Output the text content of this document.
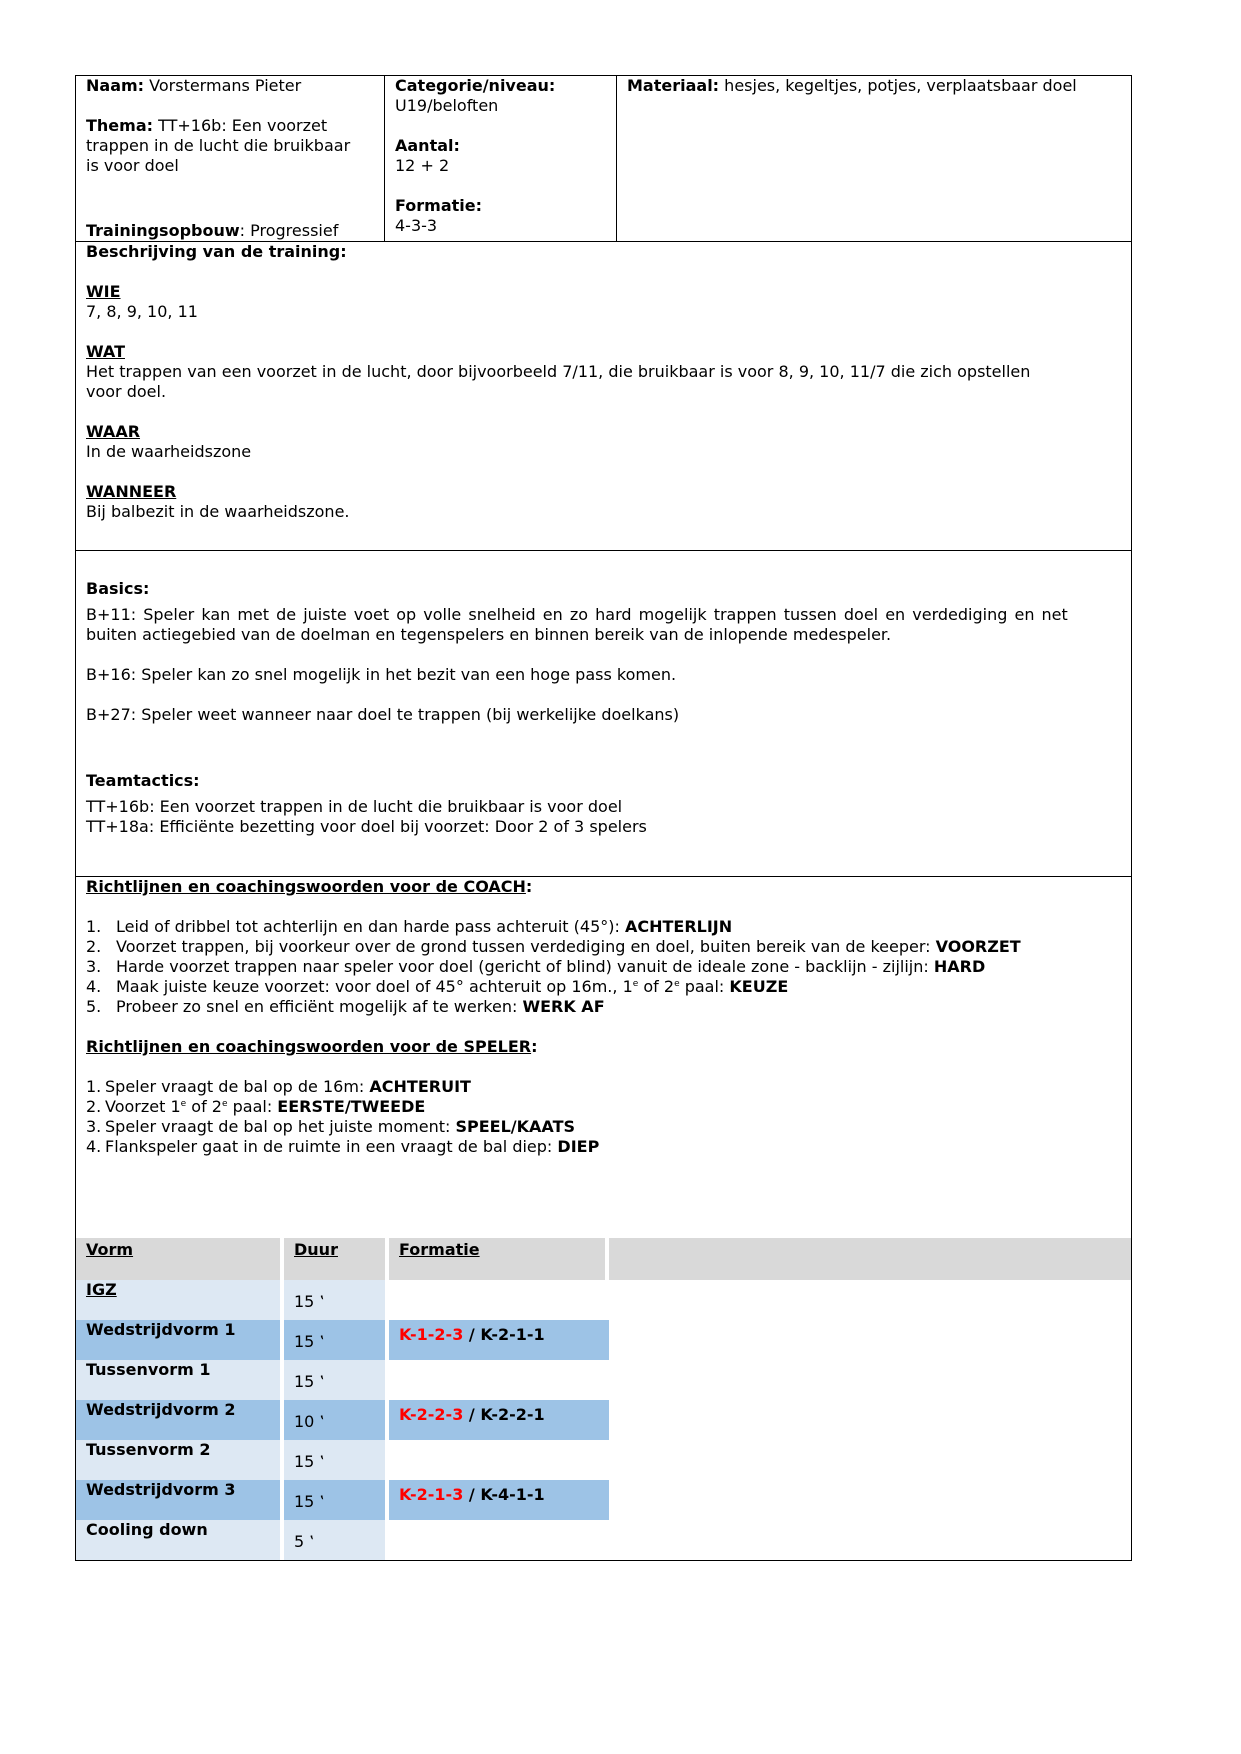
Naam: Vorstermans Pieter

Thema: TT+16b: Een voorzet

trappen in de lucht die bruikbaar

is voor doel

Trainingsopbouw: Progressief

Categorie/niveau:

U19/beloften

Aantal:

12 + 2

Formatie:

4-3-3

Materiaal: hesjes, kegeltjes, potjes, verplaatsbaar doel

Beschrijving van de training:

WIE

7, 8, 9, 10, 11

WAT

Het trappen van een voorzet in de lucht, door bijvoorbeeld 7/11, die bruikbaar is voor 8, 9, 10, 11/7 die zich opstellen

voor doel.

WAAR

In de waarheidszone

WANNEER

Bij balbezit in de waarheidszone.

Basics:

B+11: Speler kan met de juiste voet op volle snelheid en zo hard mogelijk trappen tussen doel en verdediging en net

buiten actiegebied van de doelman en tegenspelers en binnen bereik van de inlopende medespeler.

B+16: Speler kan zo snel mogelijk in het bezit van een hoge pass komen.

B+27: Speler weet wanneer naar doel te trappen (bij werkelijke doelkans)

Teamtactics:

TT+16b: Een voorzet trappen in de lucht die bruikbaar is voor doel

TT+18a: Efficiënte bezetting voor doel bij voorzet: Door 2 of 3 spelers

Richtlijnen en coachingswoorden voor de COACH:

1. Leid of dribbel tot achterlijn en dan harde pass achteruit (45°): ACHTERLIJN
2. Voorzet trappen, bij voorkeur over de grond tussen verdediging en doel, buiten bereik van de keeper: VOORZET
3. Harde voorzet trappen naar speler voor doel (gericht of blind) vanuit de ideale zone - backlijn - zijlijn: HARD
4. Maak juiste keuze voorzet: voor doel of 45° achteruit op 16m., 1e of 2e paal: KEUZE
5. Probeer zo snel en efficiënt mogelijk af te werken: WERK AF

Richtlijnen en coachingswoorden voor de SPELER:

1. Speler vraagt de bal op de 16m: ACHTERUIT
2. Voorzet 1e of 2e paal: EERSTE/TWEEDE
3. Speler vraagt de bal op het juiste moment: SPEEL/KAATS
4. Flankspeler gaat in de ruimte in een vraagt de bal diep: DIEP
Vorm	Duur	Formatie	
IGZ	15 ‛		

Wedstrijdvorm 1	15 ‛	K-1-2-3 / K-2-1-1	

Tussenvorm 1	15 ‛		

Wedstrijdvorm 2	10 ‛	K-2-2-3 / K-2-2-1	

Tussenvorm 2	15 ‛		

Wedstrijdvorm 3	15 ‛	K-2-1-3 / K-4-1-1	

Cooling down	5 ‛		
